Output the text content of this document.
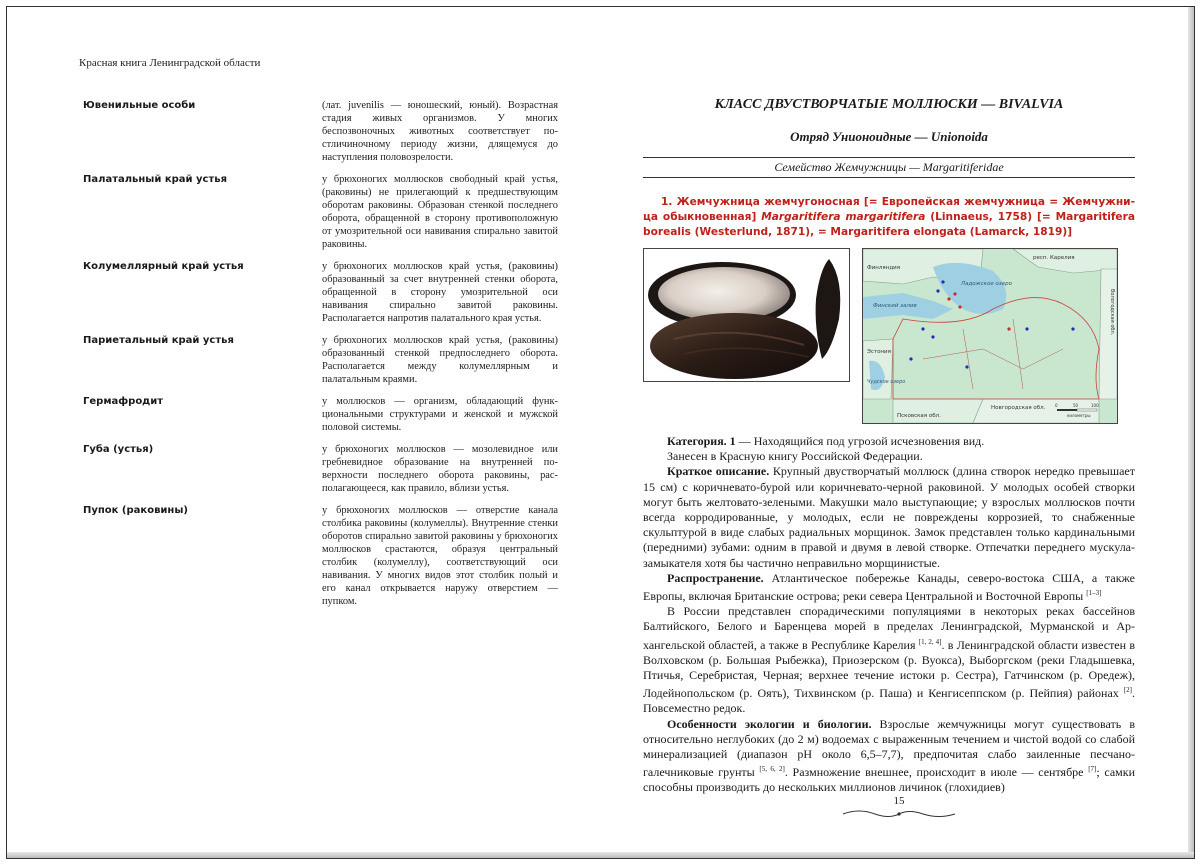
Красная книга Ленинградской области
Ювенильные особи	(лат. juvenilis — юношеский, юный). Возрастная стадия живых организмов. У многих беспозвоночных животных соответствует постличиночному периоду жизни, длящемуся до наступления половозрелости.
Палатальный край устья	у брюхоногих моллюсков свободный край устья, (раковины) не прилегающий к предшествующим оборотам раковины. Образован стенкой последнего оборота, обращенной в сторону противоположную от умозрительной оси навивания спирально завитой раковины.
Колумеллярный край устья	у брюхоногих моллюсков край устья, (раковины) образованный за счет внутренней стенки оборота, обращенной в сторону умозрительной оси навивания спирально завитой раковины. Располагается напротив палатального края устья.
Париетальный край устья	у брюхоногих моллюсков край устья, (раковины) образованный стенкой предпоследнего оборота. Располагается между колумеллярным и палатальным краями.
Гермафродит	у моллюсков — организм, обладающий функциональными структурами и женской и мужской половой системы.
Губа (устья)	у брюхоногих моллюсков — мозолевидное или гребневидное образование на внутренней поверхности последнего оборота раковины, располагающееся, как правило, вблизи устья.
Пупок (раковины)	у брюхоногих моллюсков — отверстие канала столбика раковины (колумеллы). Внутренние стенки оборотов спирально завитой раковины у брюхоногих моллюсков срастаются, образуя центральный столбик (колумеллу), соответствующий оси навивания. У многих видов этот столбик полый и его канал открывается наружу отверстием — пупком.
КЛАСС ДВУСТВОРЧАТЫЕ МОЛЛЮСКИ — BIVALVIA
Отряд Унионоидные — Unionoida
Семейство Жемчужницы — Margaritiferidae
1. Жемчужница жемчугоносная [= Европейская жемчужница = Жемчужница обыкновенная] Margaritifera margaritifera (Linnaeus, 1758) [= Margaritifera borealis (Westerlund, 1871), = Margaritifera elongata (Lamarck, 1819)]
респ. Карелия
Финляндия
Ладожское озеро
Вологодская обл.
Финский залив
Эстония
Чудское озеро
Новгородская обл.
Псковская обл.
0	50	100
километры

Категория. 1 — Находящийся под угрозой исчезновения вид.

Занесен в Красную книгу Российской Федерации.

Краткое описание. Крупный двустворчатый моллюск (длина створок нередко превышает 15 см) с коричневато-бурой или коричневато-черной раковиной. У молодых особей створки могут быть желтовато-зелеными. Макушки мало выступающие; у взрослых моллюсков почти всегда корродированные, у молодых, если не повреждены коррозией, то снабженные скульптурой в виде слабых радиальных морщинок. Замок представлен только кардинальными (передними) зубами: одним в правой и двумя в левой створке. Отпечатки переднего мускула-замыкателя хотя бы частично неправильно морщинистые.

Распространение. Атлантическое побережье Канады, северо-востока США, а также Европы, включая Британские острова; реки севера Центральной и Восточной Европы [1–3]

В России представлен спорадическими популяциями в некоторых реках бассейнов Балтийского, Белого и Баренцева морей в пределах Ленинградской, Мурманской и Архангельской областей, а также в Республике Карелия [1, 2, 4]. в Ленинградской области известен в Волховском (р. Большая Рыбежка), Приозерском (р. Вуокса), Выборгском (реки Гладышевка, Птичья, Серебристая, Черная; верхнее течение истоки р. Сестра), Гатчинском (р. Оредеж), Лодейнопольском (р. Оять), Тихвинском (р. Паша) и Кенгисеппском (р. Пейпия) районах [2]. Повсеместно редок.

Особенности экологии и биологии. Взрослые жемчужницы могут существовать в относительно неглубоких (до 2 м) водоемах с выраженным течением и чистой водой со слабой минерализацией (диапазон pH около 6,5–7,7), предпочитая слабо заиленные песчано-галечниковые грунты [5, 6, 2]. Размножение внешнее, происходит в июле — сентябре [7]; самки способны производить до нескольких миллионов личинок (глохидиев)

15
